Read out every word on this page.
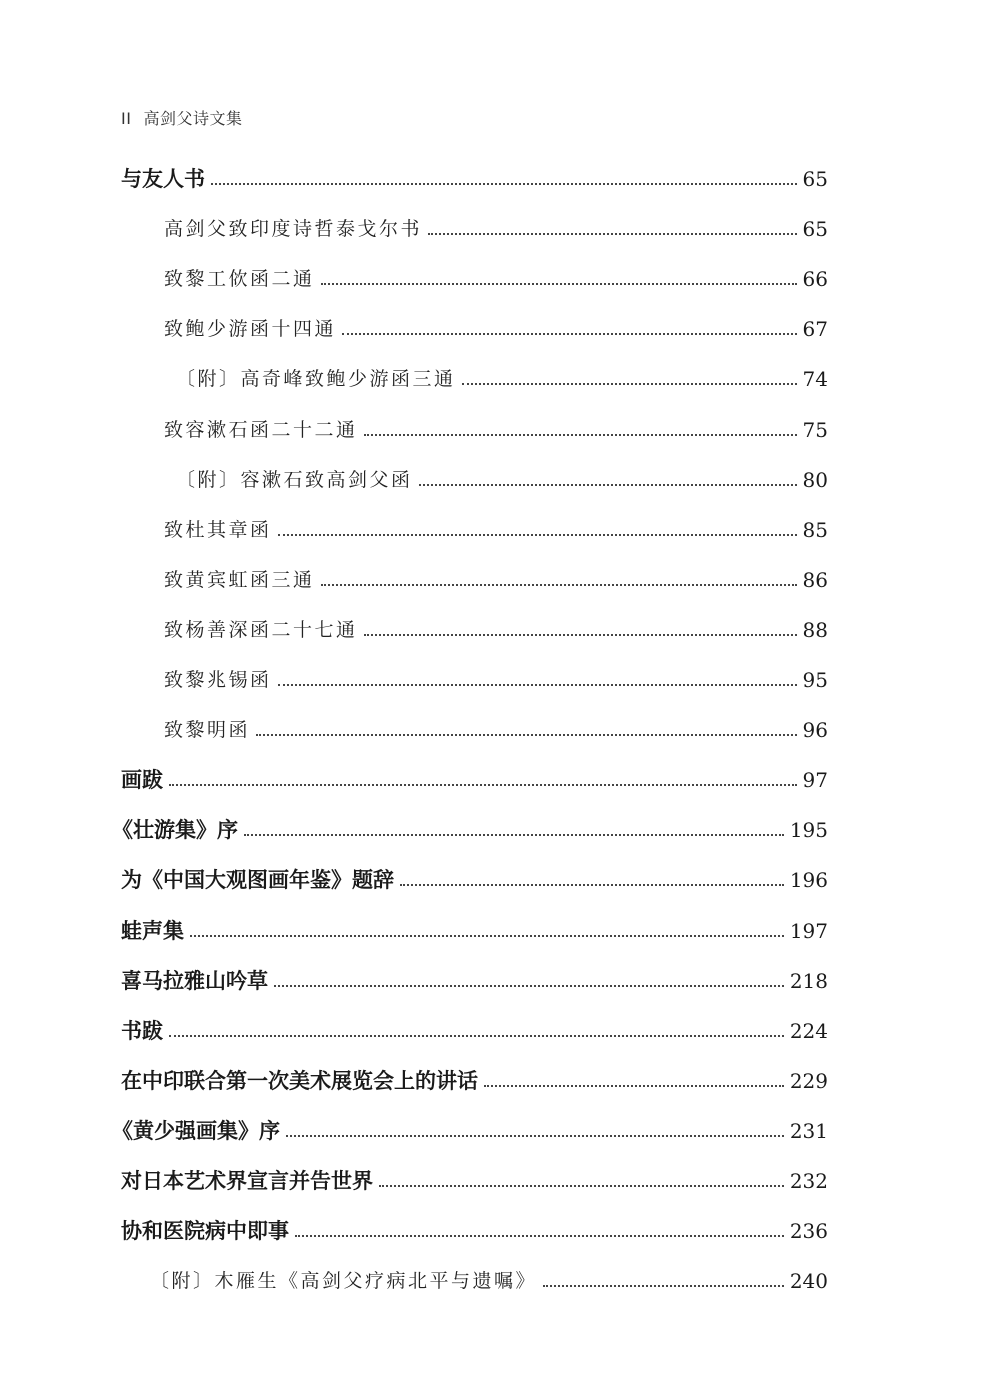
II 高剑父诗文集
与友人书	65
高剑父致印度诗哲泰戈尔书	65
致黎工佽函二通	66
致鲍少游函十四通	67
〔附〕高奇峰致鲍少游函三通	74
致容漱石函二十二通	75
〔附〕容漱石致高剑父函	80
致杜其章函	85
致黄宾虹函三通	86
致杨善深函二十七通	88
致黎兆锡函	95
致黎明函	96
画跋	97
《壮游集》序	195
为《中国大观图画年鉴》题辞	196
蛙声集	197
喜马拉雅山吟草	218
书跋	224
在中印联合第一次美术展览会上的讲话	229
《黄少强画集》序	231
对日本艺术界宣言并告世界	232
协和医院病中即事	236
〔附〕木雁生《高剑父疗病北平与遗嘱》	240
